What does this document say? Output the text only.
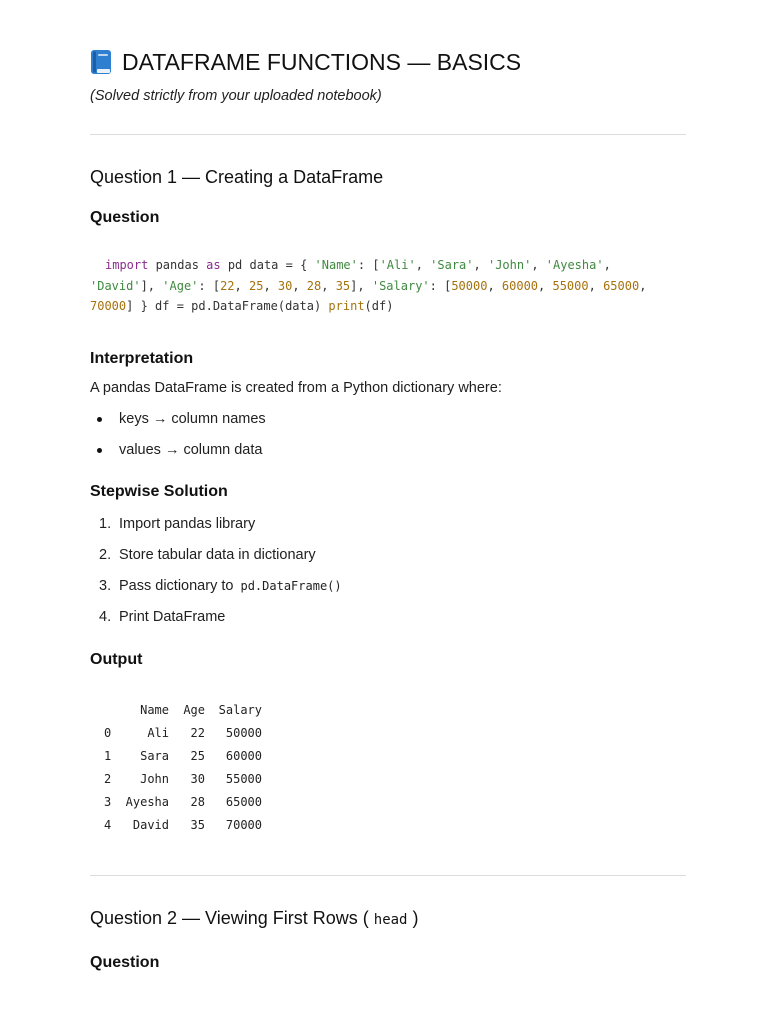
DATAFRAME FUNCTIONS — BASICS
(Solved strictly from your uploaded notebook)
Question 1 — Creating a DataFrame
Question
import pandas as pd data = { 'Name': ['Ali', 'Sara', 'John', 'Ayesha',
'David'], 'Age': [22, 25, 30, 28, 35], 'Salary': [50000, 60000, 55000, 65000,
70000] } df = pd.DataFrame(data) print(df)
Interpretation

A pandas DataFrame is created from a Python dictionary where:

keys → column names
values → column data
Stepwise Solution
1. Import pandas library
2. Store tabular data in dictionary
3. Pass dictionary to pd.DataFrame()
4. Print DataFrame
Output
	Name	Age	Salary
0	Ali	22	50000
1	Sara	25	60000
2	John	30	55000
3	Ayesha	28	65000
4	David	35	70000
Question 2 — Viewing First Rows ( head )
Question
